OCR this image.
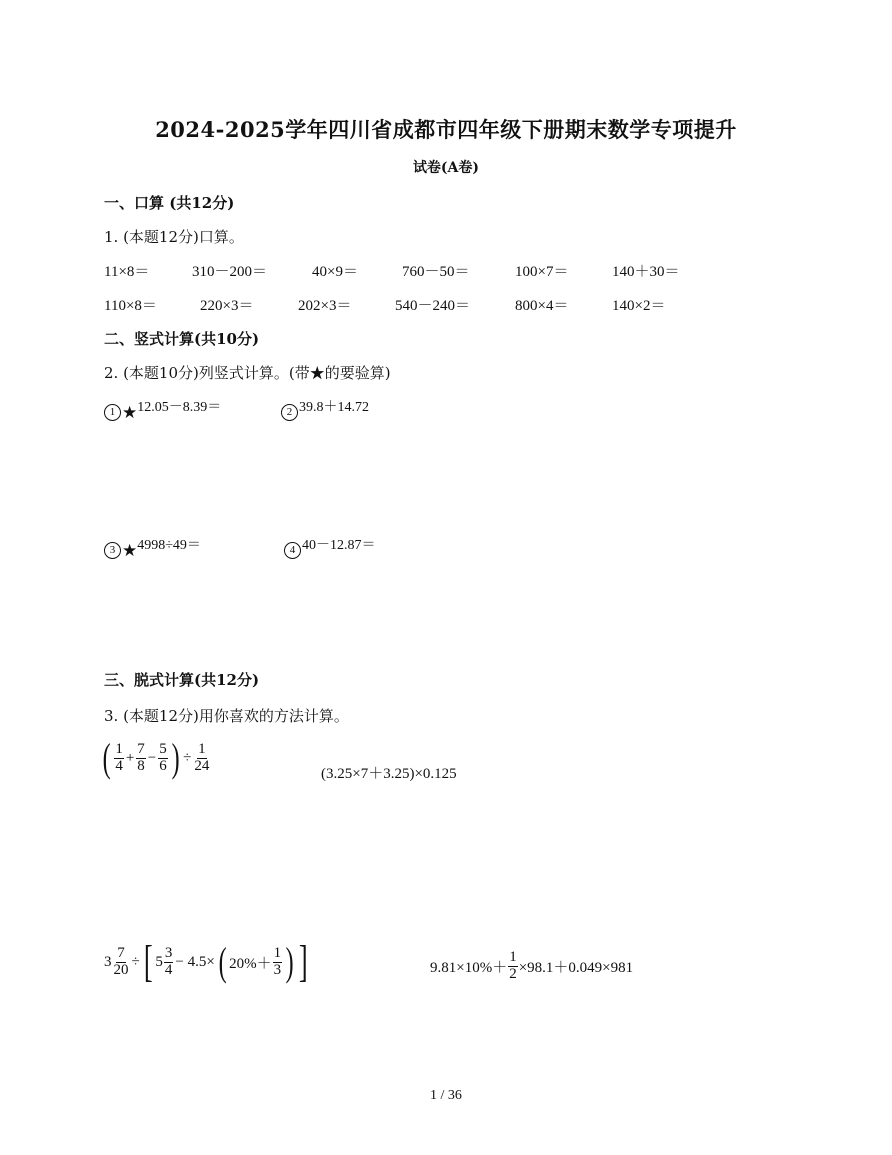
2024-2025学年四川省成都市四年级下册期末数学专项提升
试卷(A卷)
一、口算 (共12分)
1. (本题12分)口算。
11×8＝	310－200＝	40×9＝	760－50＝	100×7＝	140＋30＝
110×8＝	220×3＝	202×3＝	540－240＝	800×4＝	140×2＝
二、竖式计算(共10分)
2. (本题10分)列竖式计算。(带★的要验算)
1 ★12.05－8.39＝	2 39.8＋14.72
3 ★4998÷49＝	4 40－12.87＝
三、脱式计算(共12分)
3. (本题12分)用你喜欢的方法计算。
( $\frac{1}{4} + \frac{7}{8} - \frac{5}{6}$ ) ÷ $\frac{1}{24}$	(3.25×7＋3.25)×0.125
$3 \frac{7}{20}$ ÷ [ $5 \frac{3}{4} - 4.5\times$ ( $20\%+ \frac{1}{3}$ ) ]	$9.81\times 10\%+ \frac{1}{2} \times 98.1+0.049\times 981$
1 / 36
